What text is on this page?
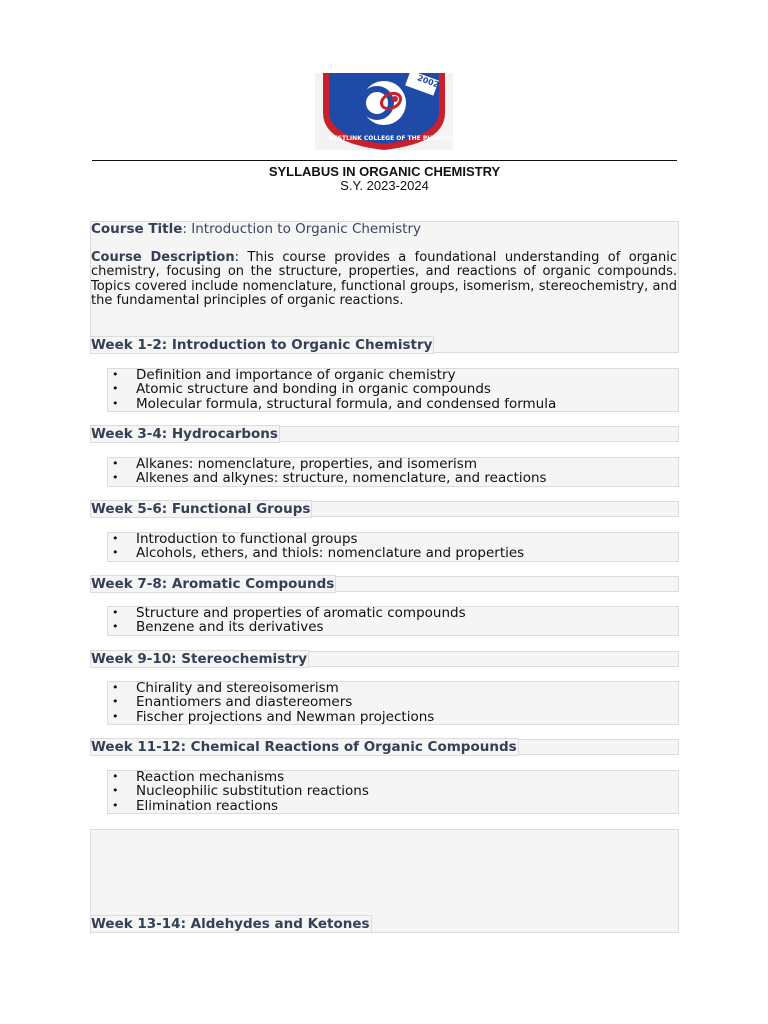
2002
BESTLINK COLLEGE OF THE PHILIPPINES
SYLLABUS IN ORGANIC CHEMISTRY
S.Y. 2023-2024
Course Title: Introduction to Organic Chemistry
Course Description: This course provides a foundational understanding of organic chemistry, focusing on the structure, properties, and reactions of organic compounds. Topics covered include nomenclature, functional groups, isomerism, stereochemistry, and the fundamental principles of organic reactions.
Week 1-2: Introduction to Organic Chemistry
• Definition and importance of organic chemistry
• Atomic structure and bonding in organic compounds
• Molecular formula, structural formula, and condensed formula
Week 3-4: Hydrocarbons
• Alkanes: nomenclature, properties, and isomerism
• Alkenes and alkynes: structure, nomenclature, and reactions
Week 5-6: Functional Groups
• Introduction to functional groups
• Alcohols, ethers, and thiols: nomenclature and properties
Week 7-8: Aromatic Compounds
• Structure and properties of aromatic compounds
• Benzene and its derivatives
Week 9-10: Stereochemistry
• Chirality and stereoisomerism
• Enantiomers and diastereomers
• Fischer projections and Newman projections
Week 11-12: Chemical Reactions of Organic Compounds
• Reaction mechanisms
• Nucleophilic substitution reactions
• Elimination reactions
Week 13-14: Aldehydes and Ketones
